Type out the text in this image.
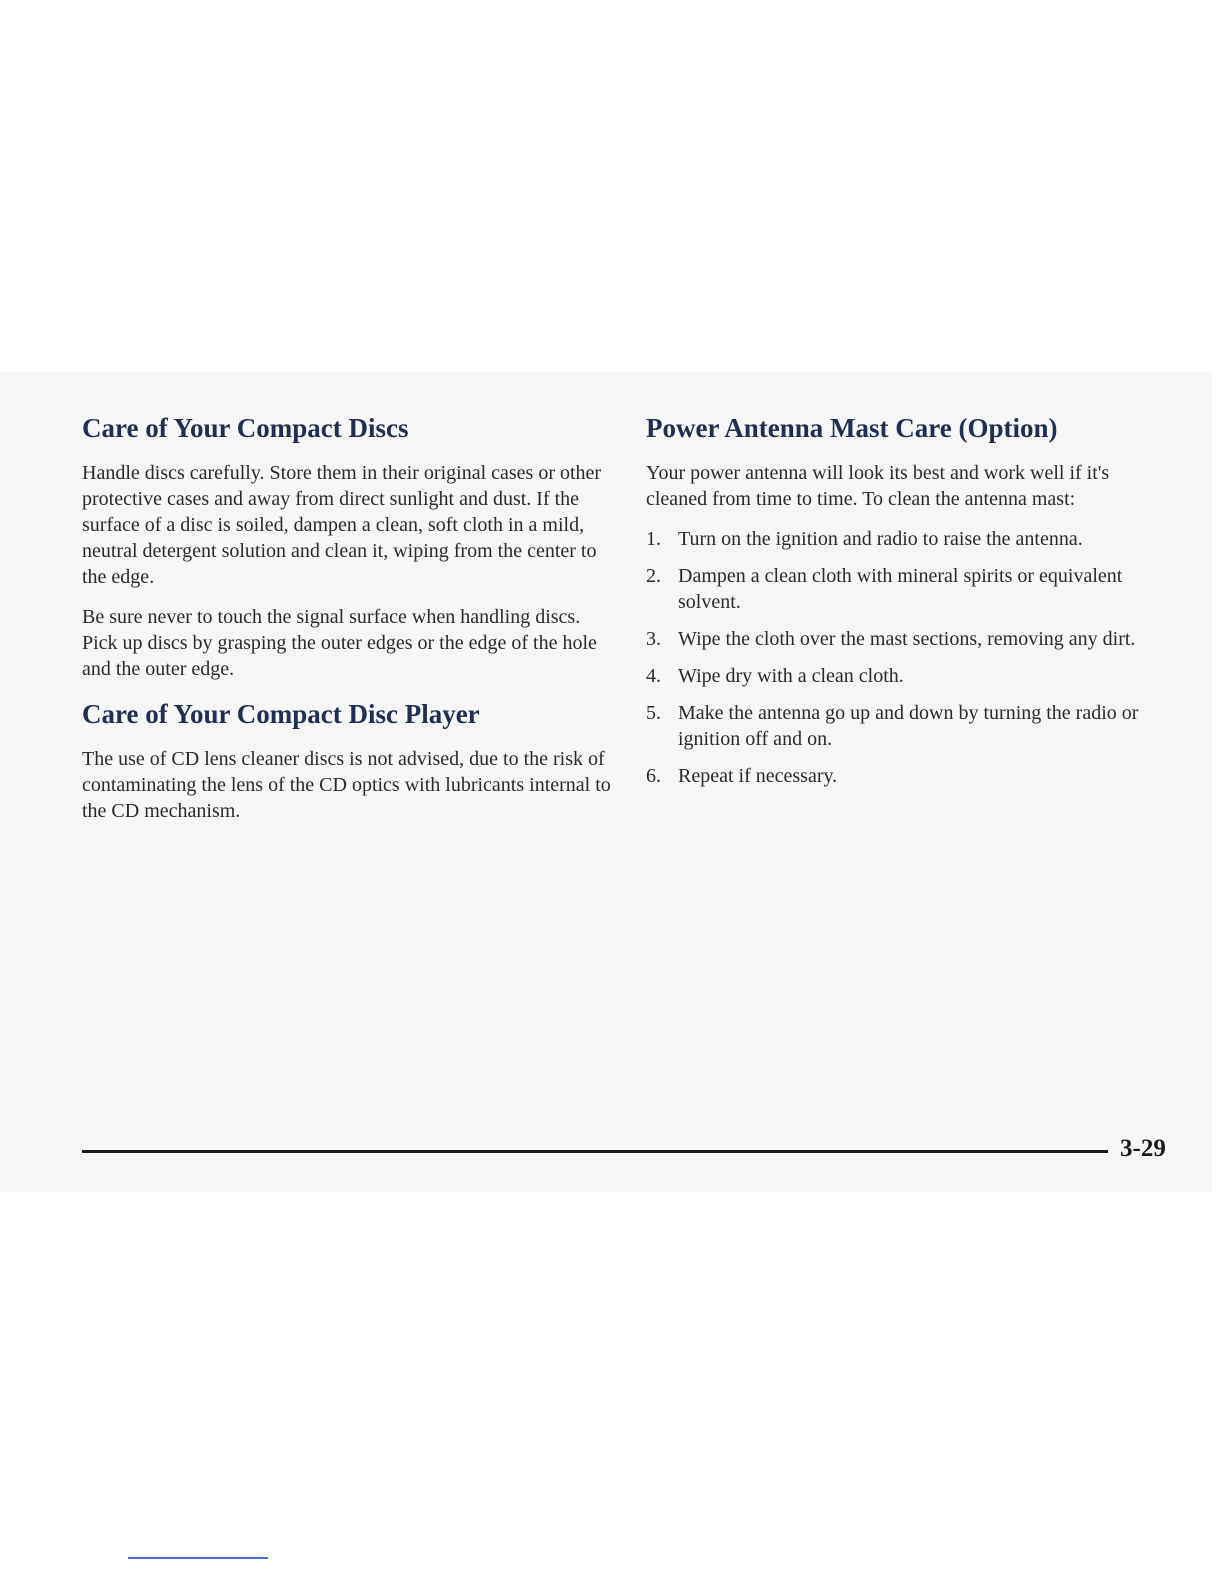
Care of Your Compact Discs

Handle discs carefully. Store them in their original cases or other protective cases and away from direct sunlight and dust. If the surface of a disc is soiled, dampen a clean, soft cloth in a mild, neutral detergent solution and clean it, wiping from the center to the edge.

Be sure never to touch the signal surface when handling discs. Pick up discs by grasping the outer edges or the edge of the hole and the outer edge.

Care of Your Compact Disc Player

The use of CD lens cleaner discs is not advised, due to the risk of contaminating the lens of the CD optics with lubricants internal to the CD mechanism.

Power Antenna Mast Care (Option)

Your power antenna will look its best and work well if it's cleaned from time to time. To clean the antenna mast:

1. Turn on the ignition and radio to raise the antenna.
2. Dampen a clean cloth with mineral spirits or equivalent solvent.
3. Wipe the cloth over the mast sections, removing any dirt.
4. Wipe dry with a clean cloth.
5. Make the antenna go up and down by turning the radio or ignition off and on.
6. Repeat if necessary.
3-29
